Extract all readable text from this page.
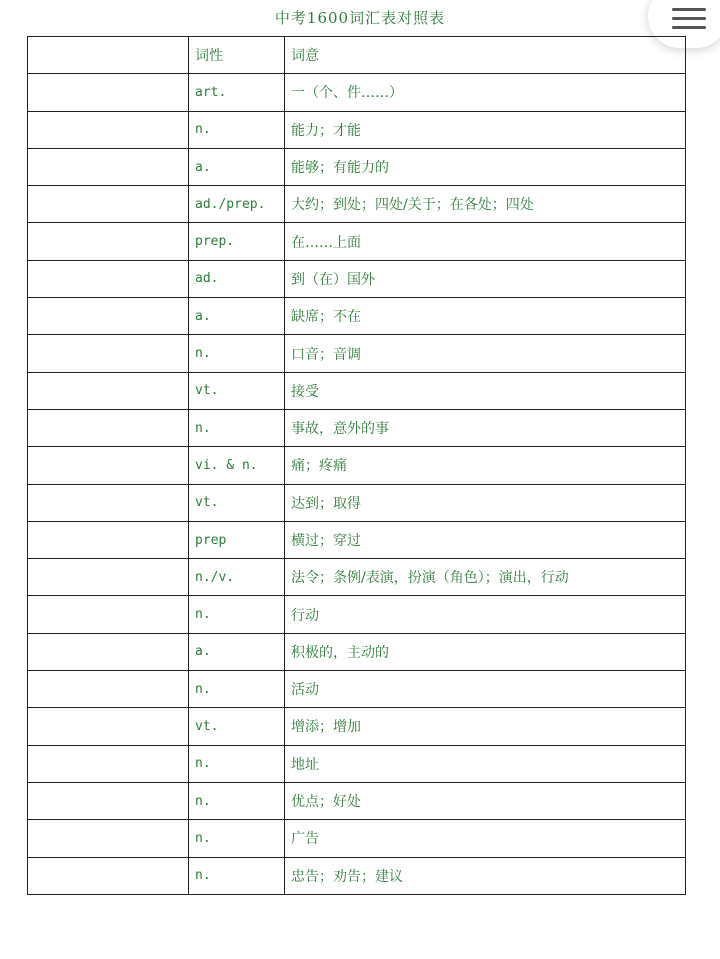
中考1600词汇表对照表
	词性	词意
	art.	一（个、件……）
	n.	能力；才能
	a.	能够；有能力的
	ad./prep.	大约；到处；四处/关于；在各处；四处
	prep.	在……上面
	ad.	到（在）国外
	a.	缺席；不在
	n.	口音；音调
	vt.	接受
	n.	事故，意外的事
	vi. & n.	痛；疼痛
	vt.	达到；取得
	prep	横过；穿过
	n./v.	法令；条例/表演，扮演（角色）；演出，行动
	n.	行动
	a.	积极的，主动的
	n.	活动
	vt.	增添；增加
	n.	地址
	n.	优点；好处
	n.	广告
	n.	忠告；劝告；建议
